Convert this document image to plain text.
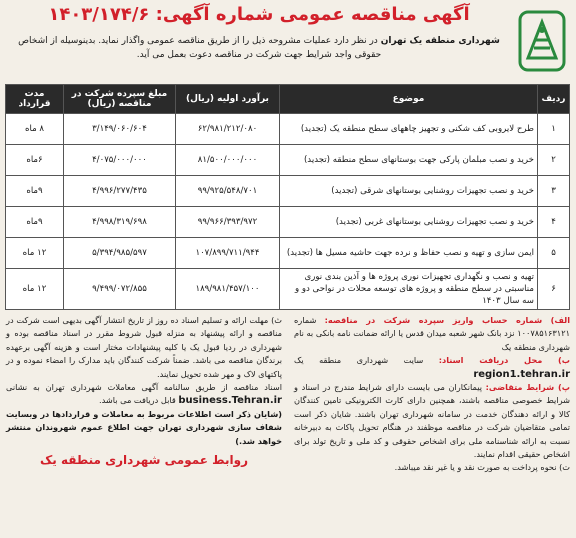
آگهی مناقصه عمومی شماره آگهی: ۱۴۰۳/۱۷۴/۶
شهرداری منطقه یک تهران در نظر دارد عملیات مشروحه ذیل را از طریق مناقصه عمومی واگذار نماید. بدینوسیله از اشخاص حقوقی واجد شرایط جهت شرکت در مناقصه دعوت بعمل می آید.
ردیف	موضوع	برآورد اولیه (ریال)	مبلغ سپرده شرکت در مناقصه (ریال)	مدت قرارداد
۱	طرح لایروبی کف شکنی و تجهیز چاههای سطح منطقه یک (تجدید)	۶۲/۹۸۱/۲۱۲/۰۸۰	۳/۱۴۹/۰۶۰/۶۰۴	۸ ماه
۲	خرید و نصب مبلمان پارکی جهت بوستانهای سطح منطقه (تجدید)	۸۱/۵۰۰/۰۰۰/۰۰۰	۴/۰۷۵/۰۰۰/۰۰۰	۶ماه
۳	خرید و نصب تجهیزات روشنایی بوستانهای شرقی (تجدید)	۹۹/۹۲۵/۵۴۸/۷۰۱	۴/۹۹۶/۲۷۷/۴۳۵	۹ماه
۴	خرید و نصب تجهیزات روشنایی بوستانهای غربی (تجدید)	۹۹/۹۶۶/۳۹۳/۹۷۲	۴/۹۹۸/۳۱۹/۶۹۸	۹ماه
۵	ایمن سازی و تهیه و نصب حفاظ و نرده جهت حاشیه مسیل ها (تجدید)	۱۰۷/۸۹۹/۷۱۱/۹۴۴	۵/۳۹۴/۹۸۵/۵۹۷	۱۲ ماه
۶	تهیه و نصب و نگهداری تجهیزات نوری پروژه ها و آذین بندی نوری مناسبتی در سطح منطقه و پروژه های توسعه محلات در نواحی دو و سه سال ۱۴۰۳	۱۸۹/۹۸۱/۴۵۷/۱۰۰	۹/۴۹۹/۰۷۲/۸۵۵	۱۲ ماه
الف) شماره حساب واریز سپرده شرکت در مناقصه: شماره ۱۰۰۷۸۵۱۶۳۱۲۱ نزد بانک شهر شعبه میدان قدس یا ارائه ضمانت نامه بانکی به نام شهرداری منطقه یک
ب) محل دریافت اسناد: سایت شهرداری منطقه یک region1.tehran.ir
پ) شرایط متقاضی: پیمانکاران می بایست دارای شرایط مندرج در اسناد و شرایط خصوصی مناقصه باشند، همچنین دارای کارت الکترونیکی تامین کنندگان کالا و ارائه دهندگان خدمت در سامانه شهرداری تهران باشند. شایان ذکر است تمامی متقاضیان شرکت در مناقصه موظفند در هنگام تحویل پاکات به دبیرخانه نسبت به ارائه شناسنامه ملی برای اشخاص حقوقی و کد ملی و تاریخ تولد برای اشخاص حقیقی اقدام نمایند.
ت) نحوه پرداخت به صورت نقد و یا غیر نقد میباشد.
ث) مهلت ارائه و تسلیم اسناد ده روز از تاریخ انتشار آگهی بدیهی است شرکت در مناقصه و ارائه پیشنهاد به منزله قبول شروط مقرر در اسناد مناقصه بوده و شهرداری در ردیا قبول یک یا کلیه پیشنهادات مختار است و هزینه آگهی برعهده برندگان مناقصه می باشد. ضمناً شرکت کنندگان باید مدارک را امضاء نموده و در پاکتهای لاک و مهر شده تحویل نمایند.
اسناد مناقصه از طریق سالنامه آگهی معاملات شهرداری تهران به نشانی business.Tehran.ir قابل دریافت می باشد.
(شایان ذکر است اطلاعات مربوط به معاملات و قراردادها در وبسایت شفاف سازی شهرداری تهران جهت اطلاع عموم شهروندان منتشر خواهد شد.)
روابط عمومی شهرداری منطقه یک
